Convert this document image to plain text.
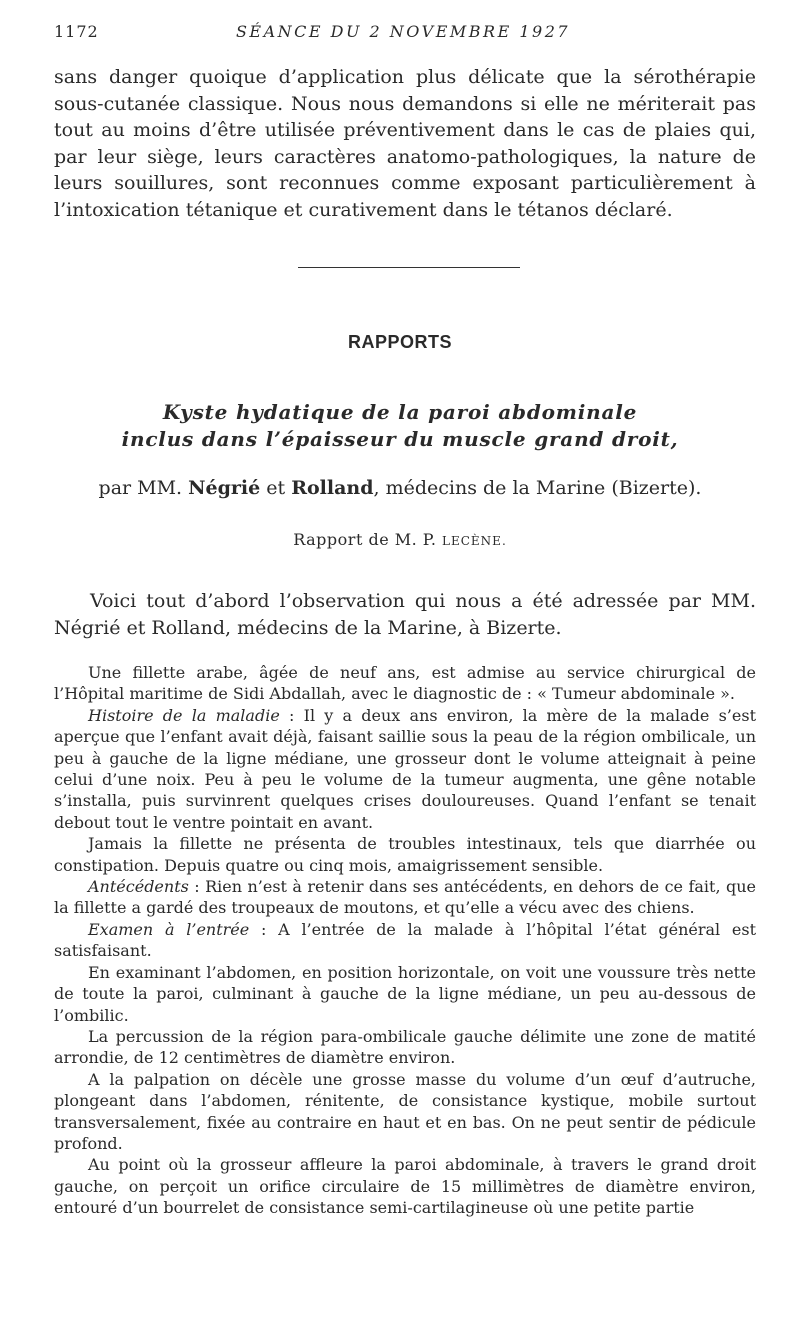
1172	SÉANCE DU 2 NOVEMBRE 1927

sans danger quoique d’application plus délicate que la sérothérapie sous-cutanée classique. Nous nous demandons si elle ne mériterait pas tout au moins d’être utilisée préventivement dans le cas de plaies qui, par leur siège, leurs caractères anatomo-pathologiques, la nature de leurs souillures, sont reconnues comme exposant particulièrement à l’intoxication tétanique et curativement dans le tétanos déclaré.

RAPPORTS
Kyste hydatique de la paroi abdominale
inclus dans l’épaisseur du muscle grand droit,
par MM. Négrié et Rolland, médecins de la Marine (Bizerte).
Rapport de M. P. LECÈNE.

Voici tout d’abord l’observation qui nous a été adressée par MM. Négrié et Rolland, médecins de la Marine, à Bizerte.

Une fillette arabe, âgée de neuf ans, est admise au service chirurgical de l’Hôpital maritime de Sidi Abdallah, avec le diagnostic de : « Tumeur abdominale ».

Histoire de la maladie : Il y a deux ans environ, la mère de la malade s’est aperçue que l’enfant avait déjà, faisant saillie sous la peau de la région ombilicale, un peu à gauche de la ligne médiane, une grosseur dont le volume atteignait à peine celui d’une noix. Peu à peu le volume de la tumeur augmenta, une gêne notable s’installa, puis survinrent quelques crises douloureuses. Quand l’enfant se tenait debout tout le ventre pointait en avant.

Jamais la fillette ne présenta de troubles intestinaux, tels que diarrhée ou constipation. Depuis quatre ou cinq mois, amaigrissement sensible.

Antécédents : Rien n’est à retenir dans ses antécédents, en dehors de ce fait, que la fillette a gardé des troupeaux de moutons, et qu’elle a vécu avec des chiens.

Examen à l’entrée : A l’entrée de la malade à l’hôpital l’état général est satisfaisant.

En examinant l’abdomen, en position horizontale, on voit une voussure très nette de toute la paroi, culminant à gauche de la ligne médiane, un peu au-dessous de l’ombilic.

La percussion de la région para-ombilicale gauche délimite une zone de matité arrondie, de 12 centimètres de diamètre environ.

A la palpation on décèle une grosse masse du volume d’un œuf d’autruche, plongeant dans l’abdomen, rénitente, de consistance kystique, mobile surtout transversalement, fixée au contraire en haut et en bas. On ne peut sentir de pédicule profond.

Au point où la grosseur affleure la paroi abdominale, à travers le grand droit gauche, on perçoit un orifice circulaire de 15 millimètres de diamètre environ, entouré d’un bourrelet de consistance semi-cartilagineuse où une petite partie
